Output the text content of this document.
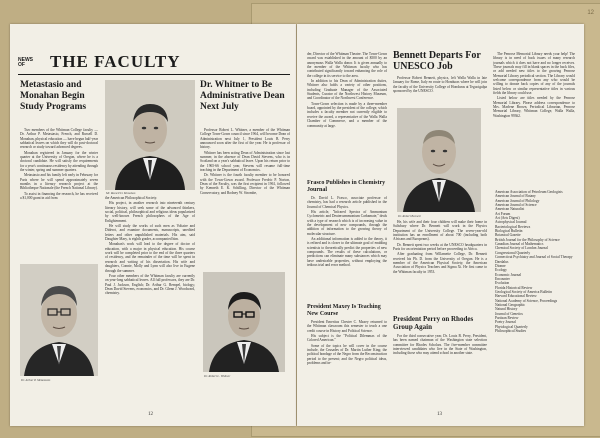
12
NEWS OF	THE FACULTY
Metastasio and Monahan Begin Study Programs

Two members of the Whitman College faculty — Dr. Arthur P. Metastasio, French, and Russell D. Monahan, physical education — have begun half-year sabbatical leaves on which they will do post-doctoral research or study toward advanced degrees.

Monahan registered in January for the winter quarter at the University of Oregon, where he is a doctoral candidate. He will satisfy the requirements for a year's continuous residency by attending through the winter, spring and summer quarters.

Metastasio and his family left early in February for Paris where he will spend approximately seven months in a literary research project at the Bibliotheque Nationale (the French National Library).

To assist in financing the research, he has received a $1,000 grant in aid from

Mr. Russell D. Monahan

the American Philosophical Society.

His project, in another research into nineteenth century literary history, will seek some of the advanced thinkers, social, political, philosophical and religious ideas popularized by well-known French philosophers of the Age of Enlightenment.

He will study the works of such men as Voltaire and Diderot, and examine documents, manuscripts, unedited letters and other unpublished materials. His aim, said Daughter Mary, is eighth grader, accompanied him.

Monahan's work will lead to the degree of doctor of education, with a major in physical education. His course work will be completed prior to the end of the three quarters of residency, and the remainder of the time will be spent in research and writing of his dissertation. His wife and daughters, Connie, Molly and Lynn will also live in Eugene through the summer.

Four other members of the Whitman faculty are currently on year-long sabbatical leaves. All full professors, they are Dr. Paul J. Jackson, English; Dr. Arthur G. Rempel, biology; Dean David Stevens, economics, and Dr. Glenn J. Woodward, chemistry.

Dr. Arthur P. Metastasio
Dr. Whitner to Be Administrative Dean Next July

Professor Robert L. Whitner, a member of the Whitman College Town-Gown council since 1964, will become Dean of Administration next July 1, President Louis B. Perry announced soon after the first of the year. He is professor of history.

Whitner has been acting Dean of Administration since last summer, in the absence of Dean David Stevens, who is in Scotland on a year's sabbatical leave. Upon his return prior to the 1965-66 school year, Stevens will resume full-time teaching in the Department of Economics.

Dr. Whitner is the fourth faculty member to be honored with the Town-Gown award. Professor Fredric P. Norton, Dean of the Faculty, was the first recipient in 1961, followed by Kenneth E. K. Schilling, Director of the Whitman Conservatory, and Rodney W. Strombe,

Dr. Robert L. Whitner
12

der, Director of the Whitman Theatre. The Town-Gown award was established in the amount of $500 by an anonymous Walla Walla donor. It is given annually to the member of the Whitman faculty who has contributed significantly toward enhancing the role of the college in its service to the area.

In addition to his Dean of Administration duties, Whitner also holds a variety of other positions, including Graduate Manager of the Associated Students, Curator of the Northwest History Museum, and Coordinator of the Northwest Conference.

Town-Gown selection is made by a three-member board, appointed by the president of the college, which includes a faculty member not currently eligible to receive the award, a representative of the Walla Walla Chamber of Commerce, and a member of the community at large.

Frasco Publishes in Chemistry Journal

Dr. David L. Frasco, associate professor of chemistry, has had a research article published in the Journal of Chemical Physics.

His article, "Infrared Spectra of Ammonium Cyclometric and Deuteroammonium Carbamate," deals with a type of research which is of increasing value in the development of new compounds, through the addition of information to the growing theory of molecular structure.

An additional information is added to the theory, it is refined and is closer to the ultimate goal of enabling scientists to theoretically predict the properties of new compounds. The results of these calculations, or predictions can eliminate many substances which may have undesirable properties, without employing the tedious trial and error method.

President Maxey Is Teaching New Course

President Emeritus Chester C. Maxey returned to the Whitman classroom this semester to teach a one credit course in History and Political Science.

His subject is the "Political Dilemmas of the Colored American."

Some of the topics he will cover in the course include, the Crusades of Dr. Martin Luther King; the political bondage of the Negro from the Reconstruction period to the present; and the Negro political ideas, problems and in-

Bennett Departs For UNESCO Job

Professor Robert Bennett, physics, left Walla Walla in late January for Rome, Italy en route to Honduras where he will join the faculty of the University College of Honduras at Tegucigalpa sponsored by the UNESCO.

Dr. Robert Bennett

He, his wife and their four children will make their home in Salisbury where Dr. Bennett will work in the Physics Department of the University College. The seven-year-old institution has an enrollment of about 700 (including both Africans and Europeans).

Dr. Bennett spent two weeks at the UNESCO headquarters in Paris for an orientation period before proceeding to Africa.

After graduating from Willamette College, Dr. Bennett received his Ph. D. from the University of Oregon. He is a member of the American Physical Society, the American Association of Physics Teachers and Sigma Xi. He first came to the Whitman faculty in 1953.

President Perry on Rhodes Group Again

For the third consecutive year, Dr. Louis B. Perry, President, has been named chairman of the Washington state selection committee for Rhodes Scholars. The five-member committee interviewed candidates who live in the State of Washington, including those who may attend school in another state.

The Penrose Memorial Library needs your help! The library is in need of back issues of many research journals which it does not have and no longer receives. These journals may fill in blank spaces in the back files, or add needed new titles to the growing Penrose Memorial Library periodical section. The Library would welcome correspondence from any who would be willing to donate back copies of any of the journals listed below or similar representative titles in various fields the library could use.

Listed below are titles needed by the Penrose Memorial Library. Please address correspondence to Mrs. Marlene Brown, Periodical Librarian, Penrose Memorial Library, Whitman College, Walla Walla, Washington 99362.

American Association of Petroleum Geologists
American Journal of Botany
American Journal of Philology
American Journal of Science
American Naturalist
Art Forum
Art (Arts Digest)
Astrophysical Journal
Bacteriological Reviews
Biological Bulletin
Botanical Gazette
British Journal for the Philosophy of Science
Canadian Journal of Mathematics
Chemical Society of London Journal
Congressional Quarterly
Connecticut Psychiatry and Journal of Social Therapy
Daedalus
Dionne
Ecology
Economic Journal
Encounter
Evolution
Florida Historical Review
Geological Society of America Bulletin
Harvard Educational Review
National Academy of Science, Proceedings
National Geographic
Natural History
Journal of Genetics
Partisan Review
Poetry Journal
Phytological Quarterly
Philosophical Studies
13
